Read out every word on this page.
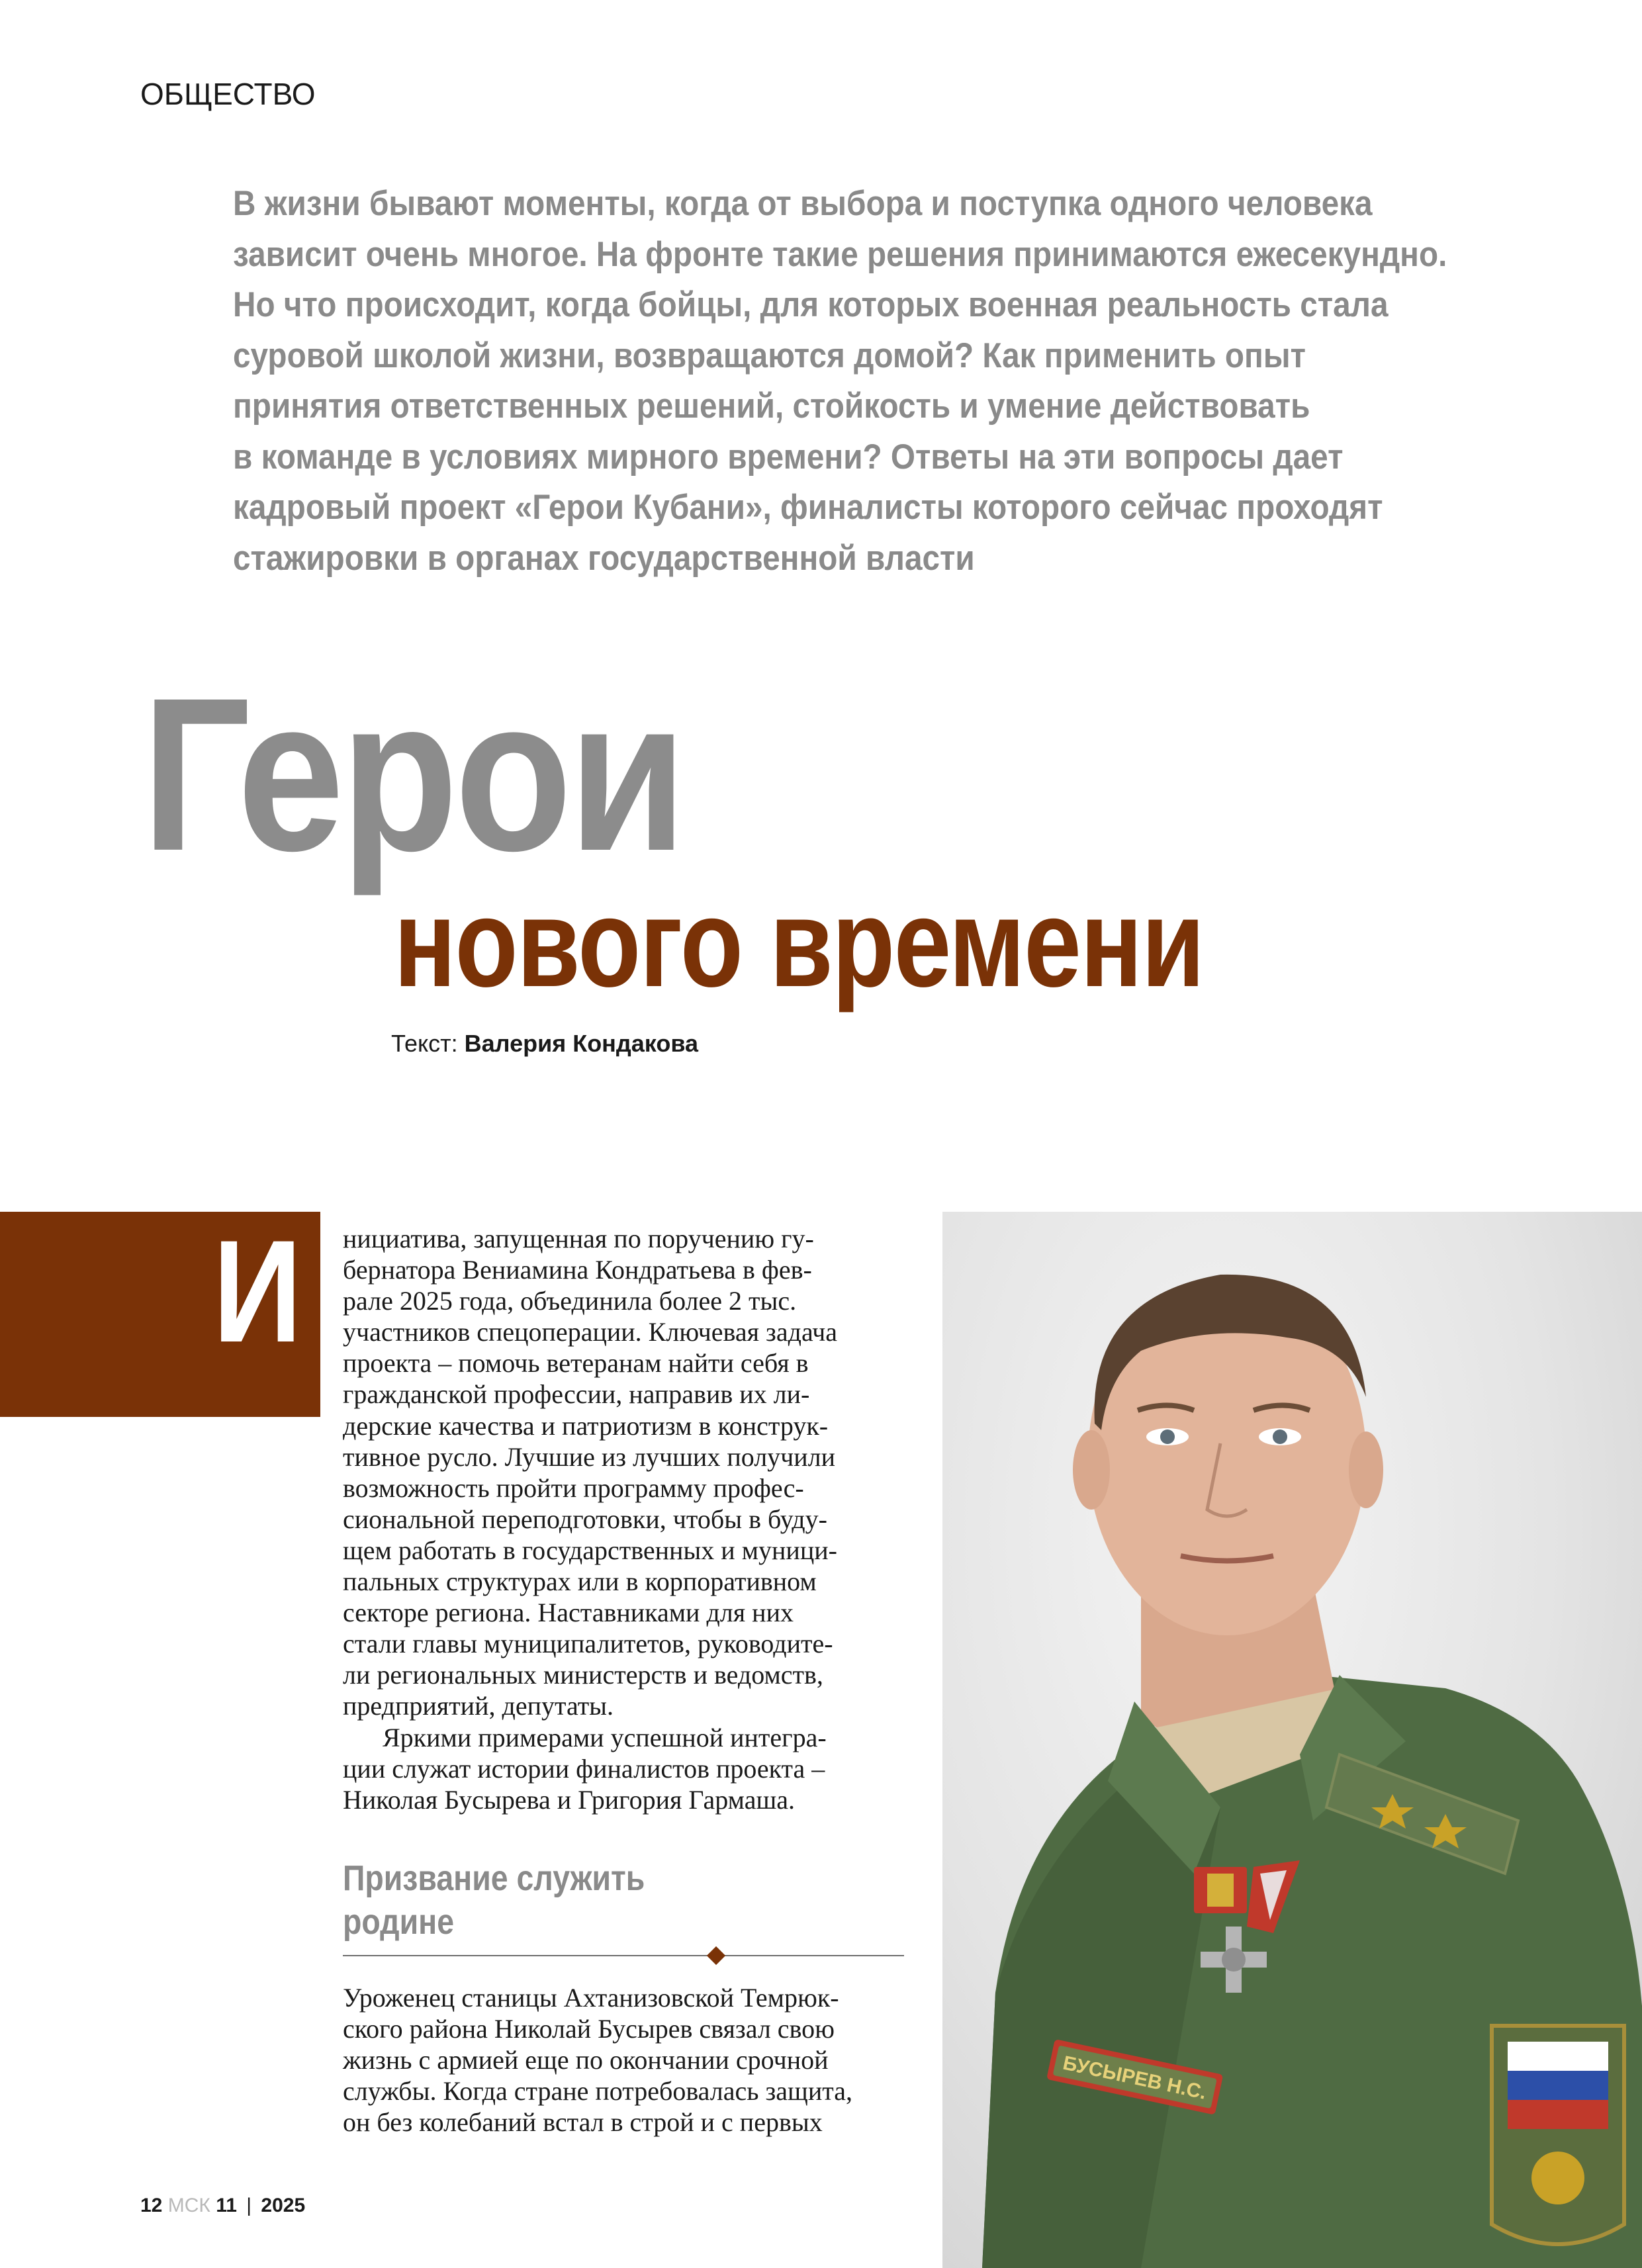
ОБЩЕСТВО
В жизни бывают моменты, когда от выбора и поступка одного человека
зависит очень многое. На фронте такие решения принимаются ежесекундно.
Но что происходит, когда бойцы, для которых военная реальность стала
суровой школой жизни, возвращаются домой? Как применить опыт
принятия ответственных решений, стойкость и умение действовать
в команде в условиях мирного времени? Ответы на эти вопросы дает
кадровый проект «Герои Кубани», финалисты которого сейчас проходят
стажировки в органах государственной власти
Герои
нового времени
Текст: Валерия Кондакова
И нициатива, запущенная по поручению гу-
бернатора Вениамина Кондратьева в фев-
рале 2025 года, объединила более 2 тыс.
участников спецоперации. Ключевая задача
проекта – помочь ветеранам найти себя в
гражданской профессии, направив их ли-
дерские качества и патриотизм в конструк-
тивное русло. Лучшие из лучших получили
возможность пройти программу профес-
сиональной переподготовки, чтобы в буду-
щем работать в государственных и муници-
пальных структурах или в корпоративном
секторе региона. Наставниками для них
стали главы муниципалитетов, руководите-
ли региональных министерств и ведомств,
предприятий, депутаты.
Яркими примерами успешной интегра-
ции служат истории финалистов проекта –
Николая Бусырева и Григория Гармаша.
Призвание служить
родине
Уроженец станицы Ахтанизовской Темрюк-
ского района Николай Бусырев связал свою
жизнь с армией еще по окончании срочной
службы. Когда стране потребовалась защита,
он без колебаний встал в строй и с первых
12 МСК 11 | 2025
БУСЫРЕВ Н.С.
